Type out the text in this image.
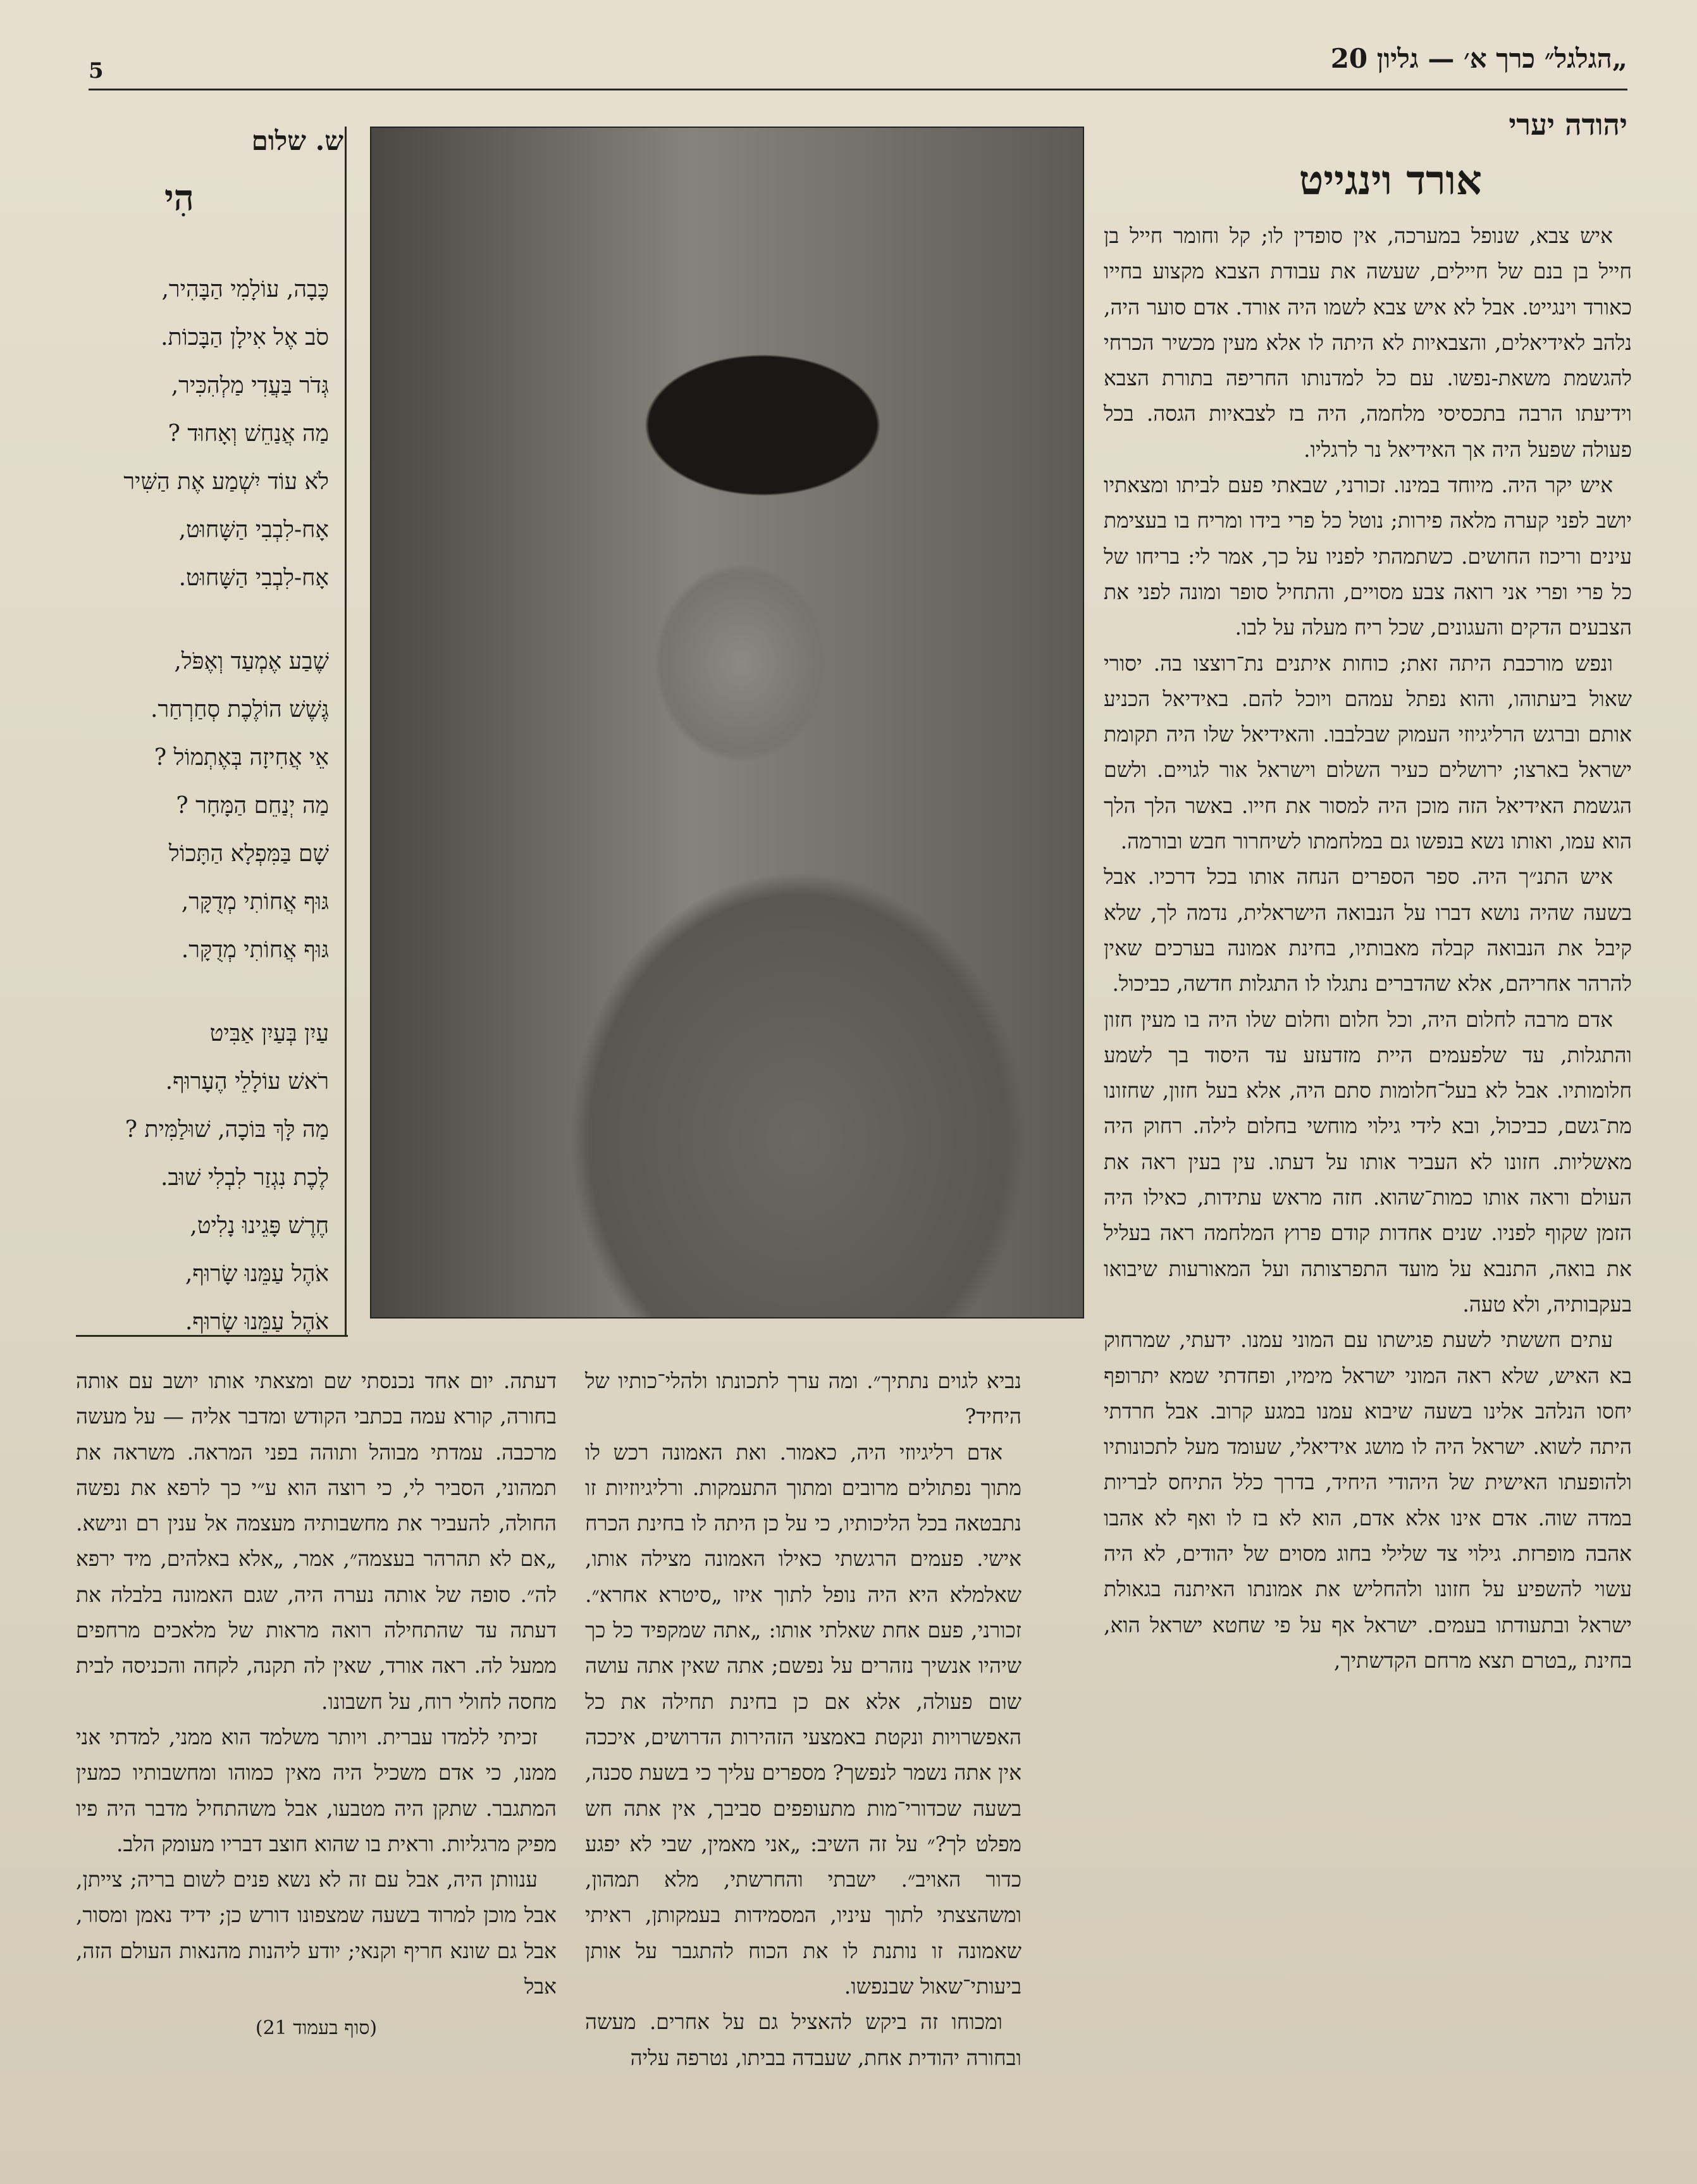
5	„הגלגל״ כרך א׳ — גליון 20
יהודה יערי
אורד וינגייט

איש צבא, שנופל במערכה, אין סופדין לו; קל וחומר חייל בן חייל בן בנם של חיילים, שעשה את עבודת הצבא מקצוע בחייו כאורד וינגייט. אבל לא איש צבא לשמו היה אורד. אדם סוער היה, נלהב לאידיאלים, והצבאיות לא היתה לו אלא מעין מכשיר הכרחי להגשמת משאת-נפשו. עם כל למדנותו החריפה בתורת הצבא וידיעתו הרבה בתכסיסי מלחמה, היה בז לצבאיות הגסה. בכל פעולה שפעל היה אך האידיאל נר לרגליו.

איש יקר היה. מיוחד במינו. זכורני, שבאתי פעם לביתו ומצאתיו יושב לפני קערה מלאה פירות; נוטל כל פרי בידו ומריח בו בעצימת עינים וריכוז החושים. כשתמהתי לפניו על כך, אמר לי: בריחו של כל פרי ופרי אני רואה צבע מסויים, והתחיל סופר ומונה לפני את הצבעים הדקים והעגונים, שכל ריח מעלה על לבו.

ונפש מורכבת היתה זאת; כוחות איתנים נת־רוצצו בה. יסורי שאול ביעתוהו, והוא נפתל עמהם ויוכל להם. באידיאל הכניע אותם וברגש הרליגיוזי העמוק שבלבבו. והאידיאל שלו היה תקומת ישראל בארצו; ירושלים כעיר השלום וישראל אור לגויים. ולשם הגשמת האידיאל הזה מוכן היה למסור את חייו. באשר הלך הלך הוא עמו, ואותו נשא בנפשו גם במלחמתו לשיחרור חבש ובורמה.

איש התנ״ך היה. ספר הספרים הנחה אותו בכל דרכיו. אבל בשעה שהיה נושא דברו על הנבואה הישראלית, נדמה לך, שלא קיבל את הנבואה קבלה מאבותיו, בחינת אמונה בערכים שאין להרהר אחריהם, אלא שהדברים נתגלו לו התגלות חדשה, כביכול.

אדם מרבה לחלום היה, וכל חלום וחלום שלו היה בו מעין חזון והתגלות, עד שלפעמים היית מזדעזע עד היסוד בך לשמע חלומותיו. אבל לא בעל־חלומות סתם היה, אלא בעל חזון, שחזונו מת־גשם, כביכול, ובא לידי גילוי מוחשי בחלום לילה. רחוק היה מאשליות. חזונו לא העביר אותו על דעתו. עין בעין ראה את העולם וראה אותו כמות־שהוא. חזה מראש עתידות, כאילו היה הזמן שקוף לפניו. שנים אחדות קודם פרוץ המלחמה ראה בעליל את בואה, התנבא על מועד התפרצותה ועל המאורעות שיבואו בעקבותיה, ולא טעה.

עתים חששתי לשעת פגישתו עם המוני עמנו. ידעתי, שמרחוק בא האיש, שלא ראה המוני ישראל מימיו, ופחדתי שמא יתרופף יחסו הנלהב אלינו בשעה שיבוא עמנו במגע קרוב. אבל חרדתי היתה לשוא. ישראל היה לו מושג אידיאלי, שעומד מעל לתכונותיו ולהופעתו האישית של היהודי היחיד, בדרך כלל התיחס לבריות במדה שוה. אדם אינו אלא אדם, הוא לא בז לו ואף לא אהבו אהבה מופרזת. גילוי צד שלילי בחוג מסוים של יהודים, לא היה עשוי להשפיע על חזונו ולהחליש את אמונתו האיתנה בגאולת ישראל ובתעודתו בעמים. ישראל אף על פי שחטא ישראל הוא, בחינת „בטרם תצא מרחם הקדשתיך,

ש. שלום
הִי
כָּבָה, עוֹלָמִי הַבָּהִיר,
סֹב אֶל אִילָן הַבָּכוֹת.
גְּדֹר בַּעֲדִי מַלְהִכִּיר,
מַה אֲנַחֵשׁ וְאָחוּד ?
לֹא עוֹד יִשְׁמַע אֶת הַשִּׁיר
אָח-לִבְבִי הַשָּׁחוּט,
אָח-לִבְבִי הַשָּׁחוּט.
שֶׁבַע אֶמְעַד וְאֶפֹּל,
גֶּשֶׁשׁ הוֹלֶכֶת סְחַרְחַר.
אֵי אֲחִיזָה בְּאֶתְמוֹל ?
מַה יְנַחֵם הַמָּחָר ?
שָׁם בַּמִּפְלָא הַתָּכוֹל
גּוּף אֲחוֹתִי מְדֻקָּר,
גּוּף אֲחוֹתִי מְדֻקָּר.
עַיִן בְּעַיִן אַבִּיט
רֹאשׁ עוֹלָלֵי הֶעָרוּף.
מַה לָּךְ בּוֹכָה, שׁוּלַמִּית ?
לֶכֶת נִגְזַר לִבְלִי שׁוּב.
חֶרֶשׁ פָּגֵינוּ נָלִיט,
אֹהֶל עַמֵּנוּ שָׂרוּף,
אֹהֶל עַמֵּנוּ שָׂרוּף.

נביא לגוים נתתיך״. ומה ערך לתכונתו ולהלי־כותיו של היחיד?

אדם רליגיוזי היה, כאמור. ואת האמונה רכש לו מתוך נפתולים מרובים ומתוך התעמקות. ורליגיוזיות זו נתבטאה בכל הליכותיו, כי על כן היתה לו בחינת הכרח אישי. פעמים הרגשתי כאילו האמונה מצילה אותו, שאלמלא היא היה נופל לתוך איזו „סיטרא אחרא״. זכורני, פעם אחת שאלתי אותו: „אתה שמקפיד כל כך שיהיו אנשיך נזהרים על נפשם; אתה שאין אתה עושה שום פעולה, אלא אם כן בחינת תחילה את כל האפשרויות ונקטת באמצעי הזהירות הדרושים, איככה אין אתה נשמר לנפשך? מספרים עליך כי בשעת סכנה, בשעה שכדורי־מות מתעופפים סביבך, אין אתה חש מפלט לך?״ על זה השיב: „אני מאמין, שבי לא יפגע כדור האויב״. ישבתי והחרשתי, מלא תמהון, ומשהצצתי לתוך עיניו, המסמידות בעמקותן, ראיתי שאמונה זו נותנת לו את הכוח להתגבר על אותן ביעותי־שאול שבנפשו.

ומכוחו זה ביקש להאציל גם על אחרים. מעשה ובחורה יהודית אחת, שעבדה בביתו, נטרפה עליה

דעתה. יום אחד נכנסתי שם ומצאתי אותו יושב עם אותה בחורה, קורא עמה בכתבי הקודש ומדבר אליה — על מעשה מרכבה. עמדתי מבוהל ותוהה בפני המראה. משראה את תמהוני, הסביר לי, כי רוצה הוא ע״י כך לרפא את נפשה החולה, להעביר את מחשבותיה מעצמה אל ענין רם ונישא. „אם לא תהרהר בעצמה״, אמר, „אלא באלהים, מיד ירפא לה״. סופה של אותה נערה היה, שגם האמונה בלבלה את דעתה עד שהתחילה רואה מראות של מלאכים מרחפים ממעל לה. ראה אורד, שאין לה תקנה, לקחה והכניסה לבית מחסה לחולי רוח, על חשבונו.

זכיתי ללמדו עברית. ויותר משלמד הוא ממני, למדתי אני ממנו, כי אדם משכיל היה מאין כמוהו ומחשבותיו כמעין המתגבר. שתקן היה מטבעו, אבל משהתחיל מדבר היה פיו מפיק מרגליות. וראית בו שהוא חוצב דבריו מעומק הלב.

ענוותן היה, אבל עם זה לא נשא פנים לשום בריה; צייתן, אבל מוכן למרוד בשעה שמצפונו דורש כן; ידיד נאמן ומסור, אבל גם שונא חריף וקנאי; יודע ליהנות מהנאות העולם הזה, אבל

(סוף בעמוד 21)
